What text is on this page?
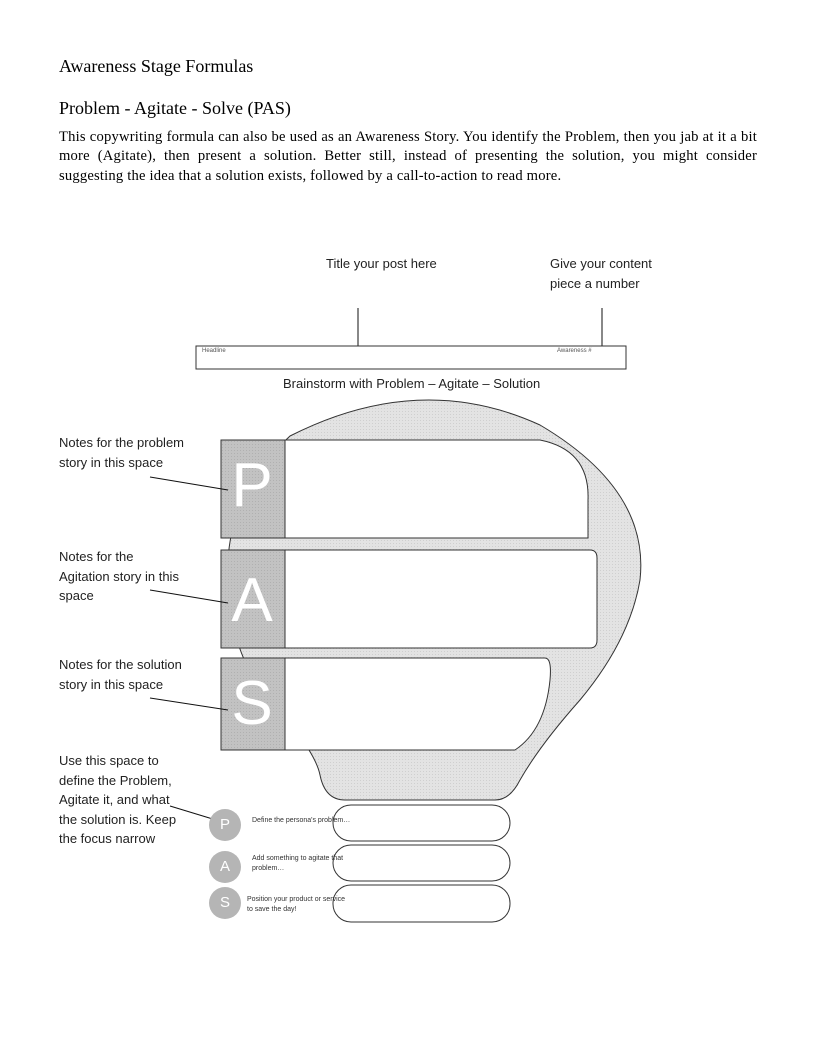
Awareness Stage Formulas
Problem - Agitate - Solve (PAS)

This copywriting formula can also be used as an Awareness Story. You identify the Problem, then you jab at it a bit more (Agitate), then present a solution. Better still, instead of presenting the solution, you might consider suggesting the idea that a solution exists, followed by a call-to-action to read more.

Title your post here	Give your content piece a number
Headline	Awareness #
Brainstorm with Problem – Agitate – Solution
Notes for the problem story in this space
Notes for the Agitation story in this space
Notes for the solution story in this space
Use this space to define the Problem, Agitate it, and what the solution is. Keep the focus narrow
P
A
S
P
A
S
Define the persona's problem…
Add something to agitate that problem…
Position your product or service to save the day!
